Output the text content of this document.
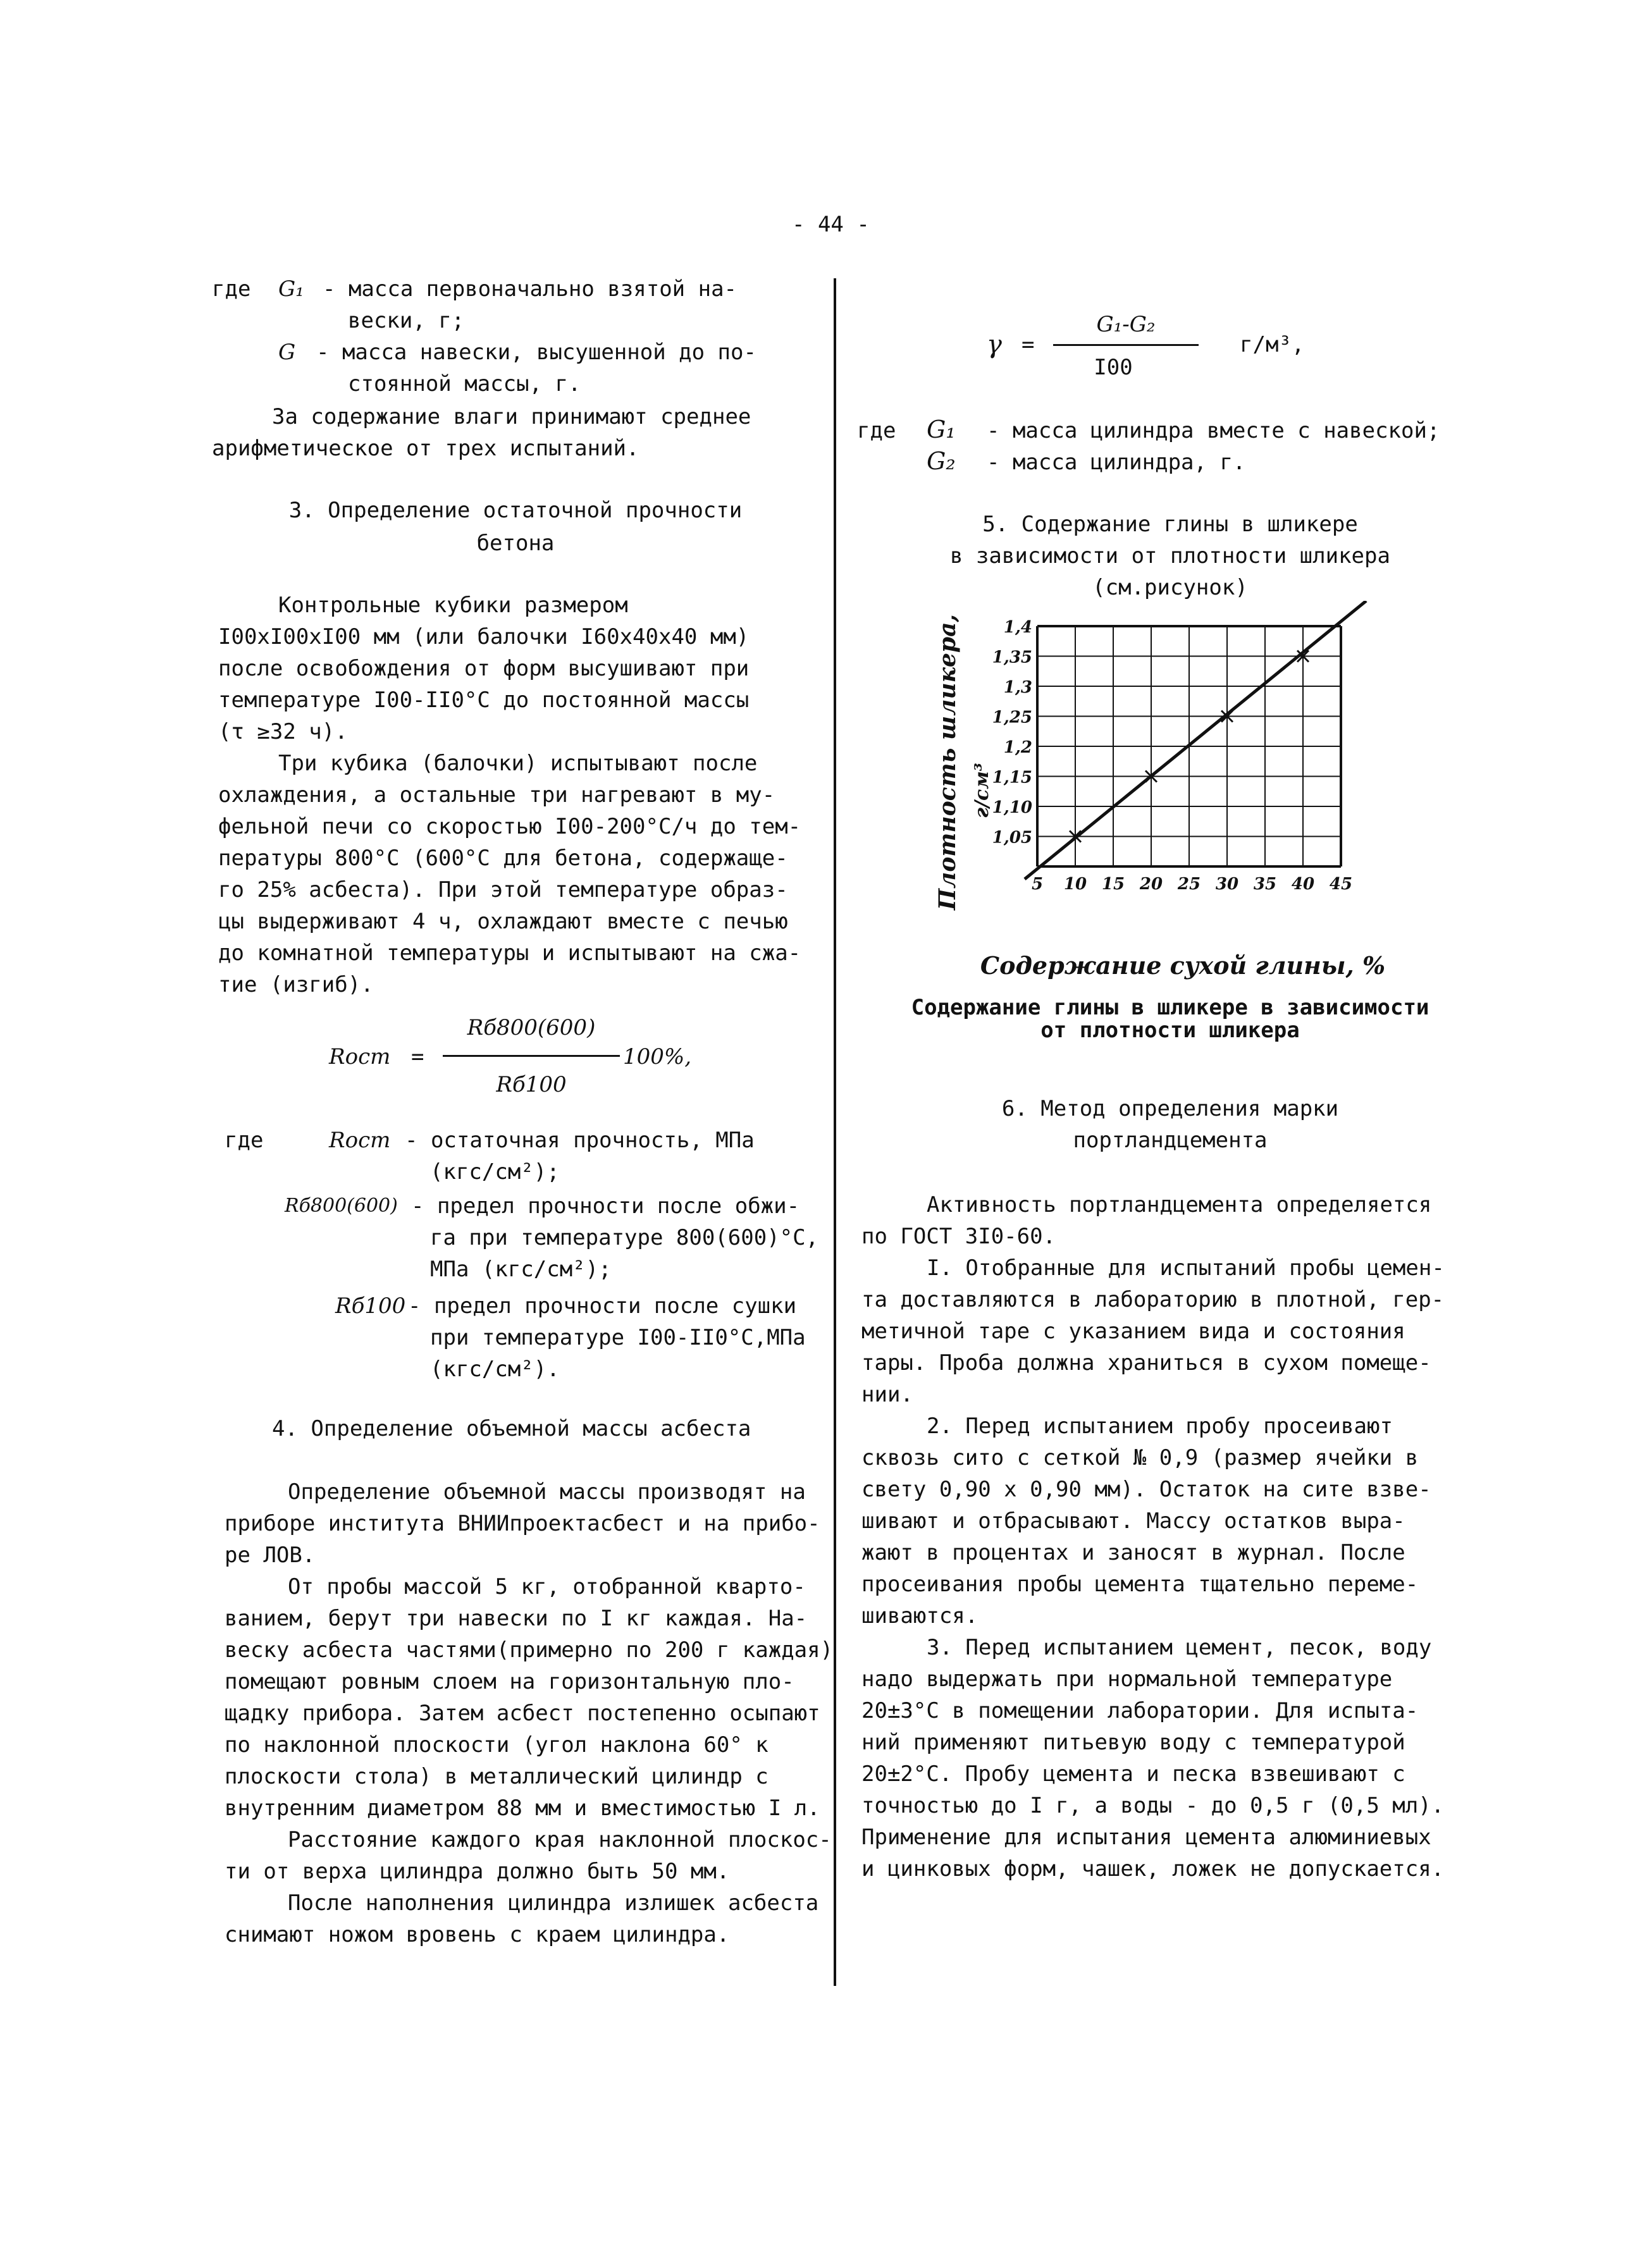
- 44 -
где G₁ - масса первоначально взятой на-
вески, г;
G - масса навески, высушенной до по-
стоянной массы, г.
За содержание влаги принимают среднее
арифметическое от трех испытаний.
3. Определение остаточной прочности
бетона
Контрольные кубики размером
I00xI00xI00 мм (или балочки I60x40x40 мм)
после освобождения от форм высушивают при
температуре I00-II0°C до постоянной массы
(τ ≥32 ч).
Три кубика (балочки) испытывают после
охлаждения, а остальные три нагревают в му-
фельной печи со скоростью I00-200°C/ч до тем-
пературы 800°C (600°C для бетона, содержаще-
го 25% асбеста). При этой температуре образ-
цы выдерживают 4 ч, охлаждают вместе с печью
до комнатной температуры и испытывают на сжа-
тие (изгиб).
Rост =
Rб800(600)
Rб100
100%,
где	Rост - остаточная прочность, МПа
(кгс/см²);
Rб800(600) - предел прочности после обжи-
га при температуре 800(600)°C,
МПа (кгс/см²);
Rб100 - предел прочности после сушки
при температуре I00-II0°C,МПа
(кгс/см²).
4. Определение объемной массы асбеста
Определение объемной массы производят на
приборе института ВНИИпроектасбест и на прибо-
ре ЛОВ.
От пробы массой 5 кг, отобранной кварто-
ванием, берут три навески по I кг каждая. На-
веску асбеста частями(примерно по 200 г каждая)
помещают ровным слоем на горизонтальную пло-
щадку прибора. Затем асбест постепенно осыпают
по наклонной плоскости (угол наклона 60° к
плоскости стола) в металлический цилиндр с
внутренним диаметром 88 мм и вместимостью I л.
Расстояние каждого края наклонной плоскос-
ти от верха цилиндра должно быть 50 мм.
После наполнения цилиндра излишек асбеста
снимают ножом вровень с краем цилиндра.
γ =
G₁-G₂
I00
г/м³,
где G₁ - масса цилиндра вместе с навеской;
G₂ - масса цилиндра, г.
5. Содержание глины в шликере
в зависимости от плотности шликера
(см.рисунок)
1,4
1,35
1,3
1,25
1,2
1,15
1,10
1,05
5 10 15 20 25 30 35 40 45
Плотность шликера, г/см³
Содержание сухой глины, %
Содержание глины в шликере в зависимости
от плотности шликера
6. Метод определения марки
портландцемента
Активность портландцемента определяется
по ГОСТ 3I0-60.
I. Отобранные для испытаний пробы цемен-
та доставляются в лабораторию в плотной, гер-
метичной таре с указанием вида и состояния
тары. Проба должна храниться в сухом помеще-
нии.
2. Перед испытанием пробу просеивают
сквозь сито с сеткой № 0,9 (размер ячейки в
свету 0,90 х 0,90 мм). Остаток на сите взве-
шивают и отбрасывают. Массу остатков выра-
жают в процентах и заносят в журнал. После
просеивания пробы цемента тщательно переме-
шиваются.
3. Перед испытанием цемент, песок, воду
надо выдержать при нормальной температуре
20±3°C в помещении лаборатории. Для испыта-
ний применяют питьевую воду с температурой
20±2°C. Пробу цемента и песка взвешивают с
точностью до I г, а воды - до 0,5 г (0,5 мл).
Применение для испытания цемента алюминиевых
и цинковых форм, чашек, ложек не допускается.
